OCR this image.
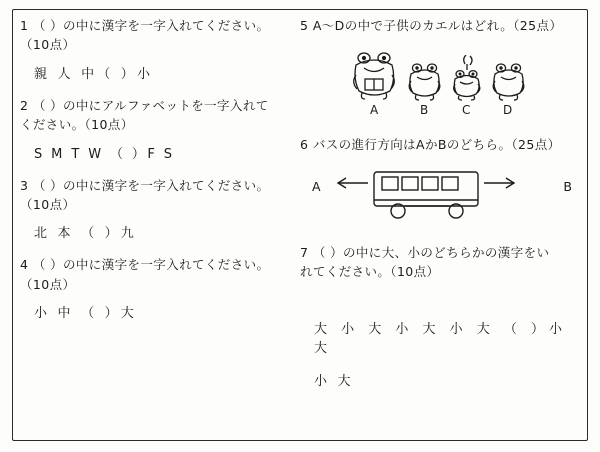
1 （ ）の中に漢字を一字入れてください。
（10点）
親 人 中（ ）小
2 （ ）の中にアルファベットを一字入れて
ください。（10点）
S M T W （ ）F S
3 （ ）の中に漢字を一字入れてください。
（10点）
北 本 （ ）九
4 （ ）の中に漢字を一字入れてください。
（10点）
小 中 （ ）大
5 A〜Dの中で子供のカエルはどれ。（25点）
A	B	C	D
6 バスの進行方向はAかBのどちら。（25点）
A	B
7 （ ）の中に大、小のどちらかの漢字をい
れてください。（10点）
大 小 大 小 大 小 大 （ ）小 大
小 大
